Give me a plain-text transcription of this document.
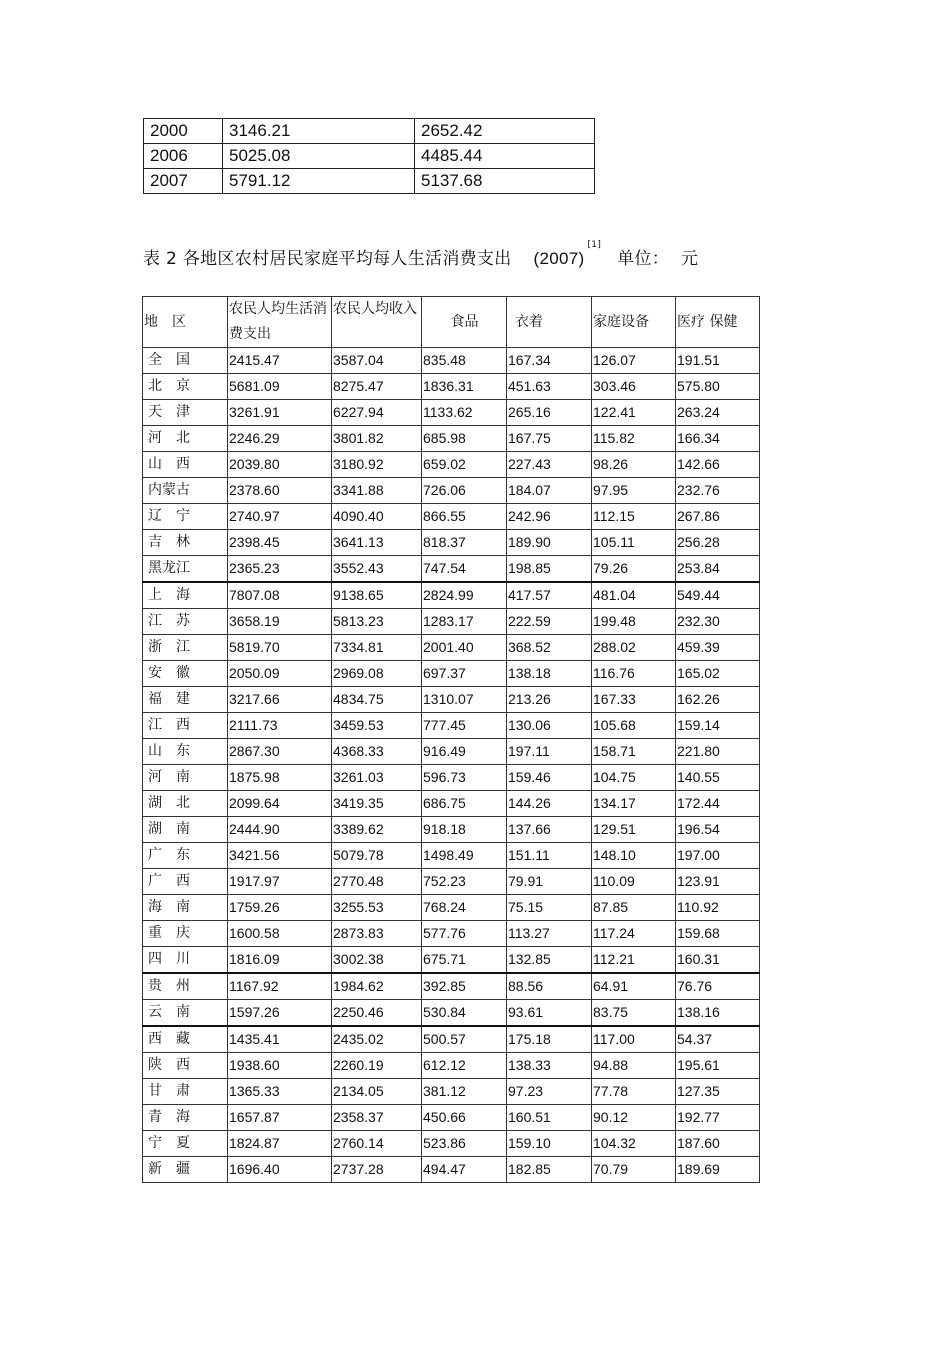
2000	3146.21	2652.42
2006	5025.08	4485.44
2007	5791.12	5137.68
表 2 各地区农村居民家庭平均每人生活消费支出 (2007)[1]单位： 元
地　区	农民人均生活消费支出	农民人均收入	食品	衣着	家庭设备	医疗 保健
全　国	2415.47	3587.04	835.48	167.34	126.07	191.51
北　京	5681.09	8275.47	1836.31	451.63	303.46	575.80
天　津	3261.91	6227.94	1133.62	265.16	122.41	263.24
河　北	2246.29	3801.82	685.98	167.75	115.82	166.34
山　西	2039.80	3180.92	659.02	227.43	98.26	142.66
内蒙古	2378.60	3341.88	726.06	184.07	97.95	232.76
辽　宁	2740.97	4090.40	866.55	242.96	112.15	267.86
吉　林	2398.45	3641.13	818.37	189.90	105.11	256.28
黑龙江	2365.23	3552.43	747.54	198.85	79.26	253.84
上　海	7807.08	9138.65	2824.99	417.57	481.04	549.44
江　苏	3658.19	5813.23	1283.17	222.59	199.48	232.30
浙　江	5819.70	7334.81	2001.40	368.52	288.02	459.39
安　徽	2050.09	2969.08	697.37	138.18	116.76	165.02
福　建	3217.66	4834.75	1310.07	213.26	167.33	162.26
江　西	2111.73	3459.53	777.45	130.06	105.68	159.14
山　东	2867.30	4368.33	916.49	197.11	158.71	221.80
河　南	1875.98	3261.03	596.73	159.46	104.75	140.55
湖　北	2099.64	3419.35	686.75	144.26	134.17	172.44
湖　南	2444.90	3389.62	918.18	137.66	129.51	196.54
广　东	3421.56	5079.78	1498.49	151.11	148.10	197.00
广　西	1917.97	2770.48	752.23	79.91	110.09	123.91
海　南	1759.26	3255.53	768.24	75.15	87.85	110.92
重　庆	1600.58	2873.83	577.76	113.27	117.24	159.68
四　川	1816.09	3002.38	675.71	132.85	112.21	160.31
贵　州	1167.92	1984.62	392.85	88.56	64.91	76.76
云　南	1597.26	2250.46	530.84	93.61	83.75	138.16
西　藏	1435.41	2435.02	500.57	175.18	117.00	54.37
陕　西	1938.60	2260.19	612.12	138.33	94.88	195.61
甘　肃	1365.33	2134.05	381.12	97.23	77.78	127.35
青　海	1657.87	2358.37	450.66	160.51	90.12	192.77
宁　夏	1824.87	2760.14	523.86	159.10	104.32	187.60
新　疆	1696.40	2737.28	494.47	182.85	70.79	189.69
